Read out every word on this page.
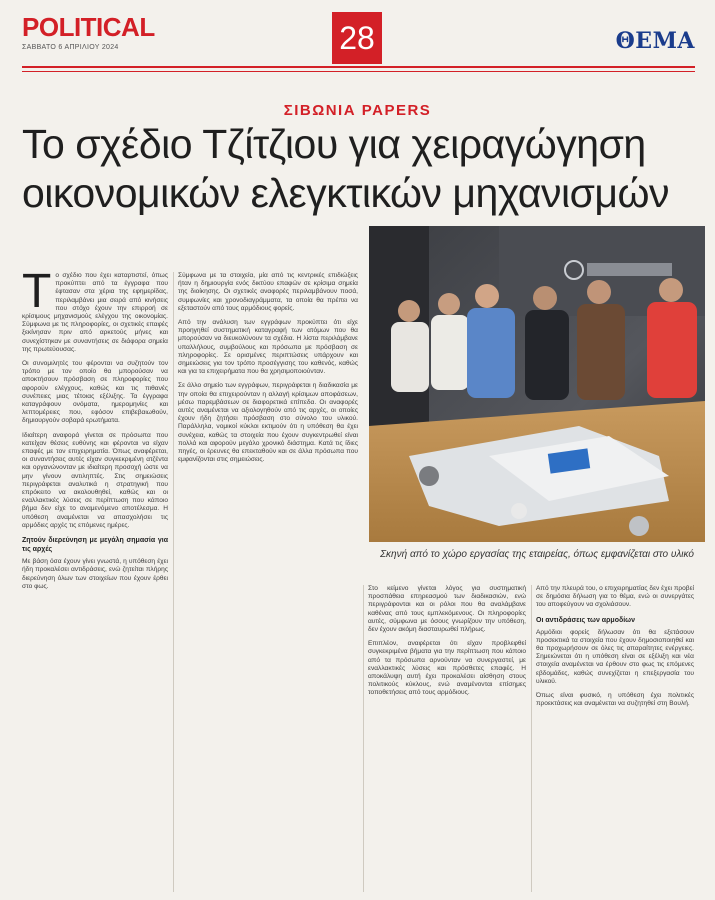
POLITICAL
ΣΑΒΒΑΤΟ 6 ΑΠΡΙΛΙΟΥ 2024	28	ΘΕΜΑ
ΣΙΒΩΝΙΑ PAPERS
Το σχέδιο Τζίτζιου για χειραγώγηση οικονομικών ελεγκτικών μηχανισμών
Σκηνή από το χώρο εργασίας της εταιρείας, όπως εμφανίζεται στο υλικό
Τ ο σχέδιο που έχει καταρτιστεί, όπως προκύπτει από τα έγγραφα που έφτασαν στα χέρια της εφημερίδας, περιλαμβάνει μια σειρά από κινήσεις που στόχο έχουν την επιρροή σε κρίσιμους μηχανισμούς ελέγχου της οικονομίας. Σύμφωνα με τις πληροφορίες, οι σχετικές επαφές ξεκίνησαν πριν από αρκετούς μήνες και συνεχίστηκαν με συναντήσεις σε διάφορα σημεία της πρωτεύουσας.

Οι συνομιλητές του φέρονται να συζητούν τον τρόπο με τον οποίο θα μπορούσαν να αποκτήσουν πρόσβαση σε πληροφορίες που αφορούν ελέγχους, καθώς και τις πιθανές συνέπειες μιας τέτοιας εξέλιξης. Τα έγγραφα καταγράφουν ονόματα, ημερομηνίες και λεπτομέρειες που, εφόσον επιβεβαιωθούν, δημιουργούν σοβαρά ερωτήματα.

Ιδιαίτερη αναφορά γίνεται σε πρόσωπα που κατείχαν θέσεις ευθύνης και φέρονται να είχαν επαφές με τον επιχειρηματία. Όπως αναφέρεται, οι συναντήσεις αυτές είχαν συγκεκριμένη ατζέντα και οργανώνονταν με ιδιαίτερη προσοχή ώστε να μην γίνουν αντιληπτές. Στις σημειώσεις περιγράφεται αναλυτικά η στρατηγική που επρόκειτο να ακολουθηθεί, καθώς και οι εναλλακτικές λύσεις σε περίπτωση που κάποιο βήμα δεν είχε το αναμενόμενο αποτέλεσμα. Η υπόθεση αναμένεται να απασχολήσει τις αρμόδιες αρχές τις επόμενες ημέρες.

Ζητούν διερεύνηση με μεγάλη σημασία για τις αρχές

Με βάση όσα έχουν γίνει γνωστά, η υπόθεση έχει ήδη προκαλέσει αντιδράσεις, ενώ ζητείται πλήρης διερεύνηση όλων των στοιχείων που έχουν έρθει στο φως.

Σύμφωνα με τα στοιχεία, μία από τις κεντρικές επιδιώξεις ήταν η δημιουργία ενός δικτύου επαφών σε κρίσιμα σημεία της διοίκησης. Οι σχετικές αναφορές περιλαμβάνουν ποσά, συμφωνίες και χρονοδιαγράμματα, τα οποία θα πρέπει να εξεταστούν από τους αρμόδιους φορείς.

Από την ανάλυση των εγγράφων προκύπτει ότι είχε προηγηθεί συστηματική καταγραφή των ατόμων που θα μπορούσαν να διευκολύνουν τα σχέδια. Η λίστα περιλάμβανε υπαλλήλους, συμβούλους και πρόσωπα με πρόσβαση σε πληροφορίες. Σε ορισμένες περιπτώσεις υπάρχουν και σημειώσεις για τον τρόπο προσέγγισης του καθενός, καθώς και για τα επιχειρήματα που θα χρησιμοποιούνταν.

Σε άλλο σημείο των εγγράφων, περιγράφεται η διαδικασία με την οποία θα επιχειρούνταν η αλλαγή κρίσιμων αποφάσεων, μέσω παρεμβάσεων σε διαφορετικά επίπεδα. Οι αναφορές αυτές αναμένεται να αξιολογηθούν από τις αρχές, οι οποίες έχουν ήδη ζητήσει πρόσβαση στο σύνολο του υλικού. Παράλληλα, νομικοί κύκλοι εκτιμούν ότι η υπόθεση θα έχει συνέχεια, καθώς τα στοιχεία που έχουν συγκεντρωθεί είναι πολλά και αφορούν μεγάλο χρονικό διάστημα. Κατά τις ίδιες πηγές, οι έρευνες θα επεκταθούν και σε άλλα πρόσωπα που εμφανίζονται στις σημειώσεις.

Στο κείμενο γίνεται λόγος για συστηματική προσπάθεια επηρεασμού των διαδικασιών, ενώ περιγράφονται και οι ρόλοι που θα αναλάμβανε καθένας από τους εμπλεκόμενους. Οι πληροφορίες αυτές, σύμφωνα με όσους γνωρίζουν την υπόθεση, δεν έχουν ακόμη διασταυρωθεί πλήρως.

Επιπλέον, αναφέρεται ότι είχαν προβλεφθεί συγκεκριμένα βήματα για την περίπτωση που κάποιο από τα πρόσωπα αρνούνταν να συνεργαστεί, με εναλλακτικές λύσεις και πρόσθετες επαφές. Η αποκάλυψη αυτή έχει προκαλέσει αίσθηση στους πολιτικούς κύκλους, ενώ αναμένονται επίσημες τοποθετήσεις από τους αρμόδιους.

Από την πλευρά του, ο επιχειρηματίας δεν έχει προβεί σε δημόσια δήλωση για το θέμα, ενώ οι συνεργάτες του αποφεύγουν να σχολιάσουν.

Οι αντιδράσεις των αρμοδίων

Αρμόδιοι φορείς δήλωσαν ότι θα εξετάσουν προσεκτικά τα στοιχεία που έχουν δημοσιοποιηθεί και θα προχωρήσουν σε όλες τις απαραίτητες ενέργειες. Σημειώνεται ότι η υπόθεση είναι σε εξέλιξη και νέα στοιχεία αναμένεται να έρθουν στο φως τις επόμενες εβδομάδες, καθώς συνεχίζεται η επεξεργασία του υλικού.

Όπως είναι φυσικό, η υπόθεση έχει πολιτικές προεκτάσεις και αναμένεται να συζητηθεί στη Βουλή.
